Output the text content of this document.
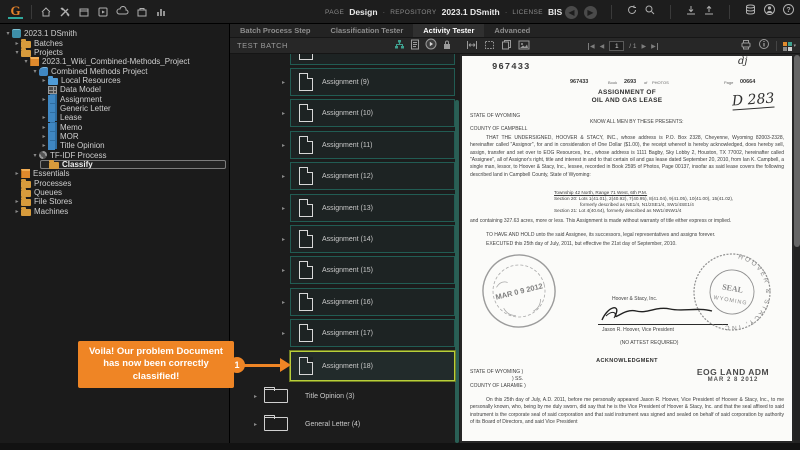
G	PAGE Design · REPOSITORY 2023.1 DSmith · LICENSE BIS ◀	▶	?
▾	2023.1 DSmith
▸	Batches
▾	Projects
▾	2023.1_Wiki_Combined-Methods_Project
▾	Combined Methods Project
▸	Local Resources
Data Model
▸	Assignment
Generic Letter
▸	Lease
▸	Memo
▸	MOR
▸	Title Opinion
▾	TF-IDF Process
Classify
▸	Essentials
Processes
Queues
▸	File Stores
▸	Machines
Batch Process Step	Classification Tester	Activity Tester	Advanced
TEST BATCH
▸	Assignment (9)
▸	Assignment (10)
▸	Assignment (11)
▸	Assignment (12)
▸	Assignment (13)
▸	Assignment (14)
▸	Assignment (15)
▸	Assignment (16)
▸	Assignment (17)
▸	Assignment (18)
▸	Title Opinion (3)
▸	General Letter (4)
◀ ◀	1	/ 1 ▶ ▶	▾
967433	dj
967433	Book 2693 of PHOTOS	Page 00664
ASSIGNMENT OF
OIL AND GAS LEASE	D 283
STATE OF WYOMING
KNOW ALL MEN BY THESE PRESENTS:
COUNTY OF CAMPBELL
THAT THE UNDERSIGNED, HOOVER & STACY, INC., whose address is P.O. Box 2328, Cheyenne, Wyoming 82003-2328, hereinafter called "Assignor", for and in consideration of One Dollar ($1.00), the receipt whereof is hereby acknowledged, does hereby sell, assign, transfer and set over to EOG Resources, Inc., whose address is 1111 Bagby, Sky Lobby 2, Houston, TX 77002, hereinafter called "Assignee", all of Assignor's right, title and interest in and to that certain oil and gas lease dated September 20, 2010, from Ian K. Campbell, a single man, lessor, to Hoover & Stacy, Inc., lessee, recorded in Book 2595 of Photos, Page 00137, insofar as said lease covers the following described land in Campbell County, State of Wyoming:
Township 42 North, Range 71 West, 6th P.M.
Section 20: Lots 1(41.01), 2(40.92), 7(40.95), 8(41.04), 9(41.05), 10(41.00), 15(41.02),
formerly described as NE1/4, N1/2SE1/4, SW1/4SE1/4
Section 21: Lot 4(40.64), formerly described as NW1/4NW1/4
and containing 327.63 acres, more or less. This Assignment is made without warranty of title either express or implied.
TO HAVE AND HOLD unto the said Assignee, its successors, legal representatives and assigns forever.
EXECUTED this 25th day of July, 2011, but effective the 21st day of September, 2010.
MAR 0 9 2012	Hoover & Stacy, Inc.
Jason R. Hoover, Vice President
(NO ATTEST REQUIRED)
HOOVER & STACY, INC.
SEAL
WYOMING
ACKNOWLEDGMENT
STATE OF WYOMING )
) SS.
COUNTY OF LARAMIE )
EOG LAND ADM
MAR 2 8 2012
On this 25th day of July, A.D. 2011, before me personally appeared Jason R. Hoover, Vice President of Hoover & Stacy, Inc., to me personally known, who, being by me duly sworn, did say that he is the Vice President of Hoover & Stacy, Inc. and that the seal affixed to said instrument is the corporate seal of said corporation and that said instrument was signed and sealed on behalf of said corporation by authority of its Board of Directors, and said Vice President
Voila! Our problem Document has now been correctly classified!
1
